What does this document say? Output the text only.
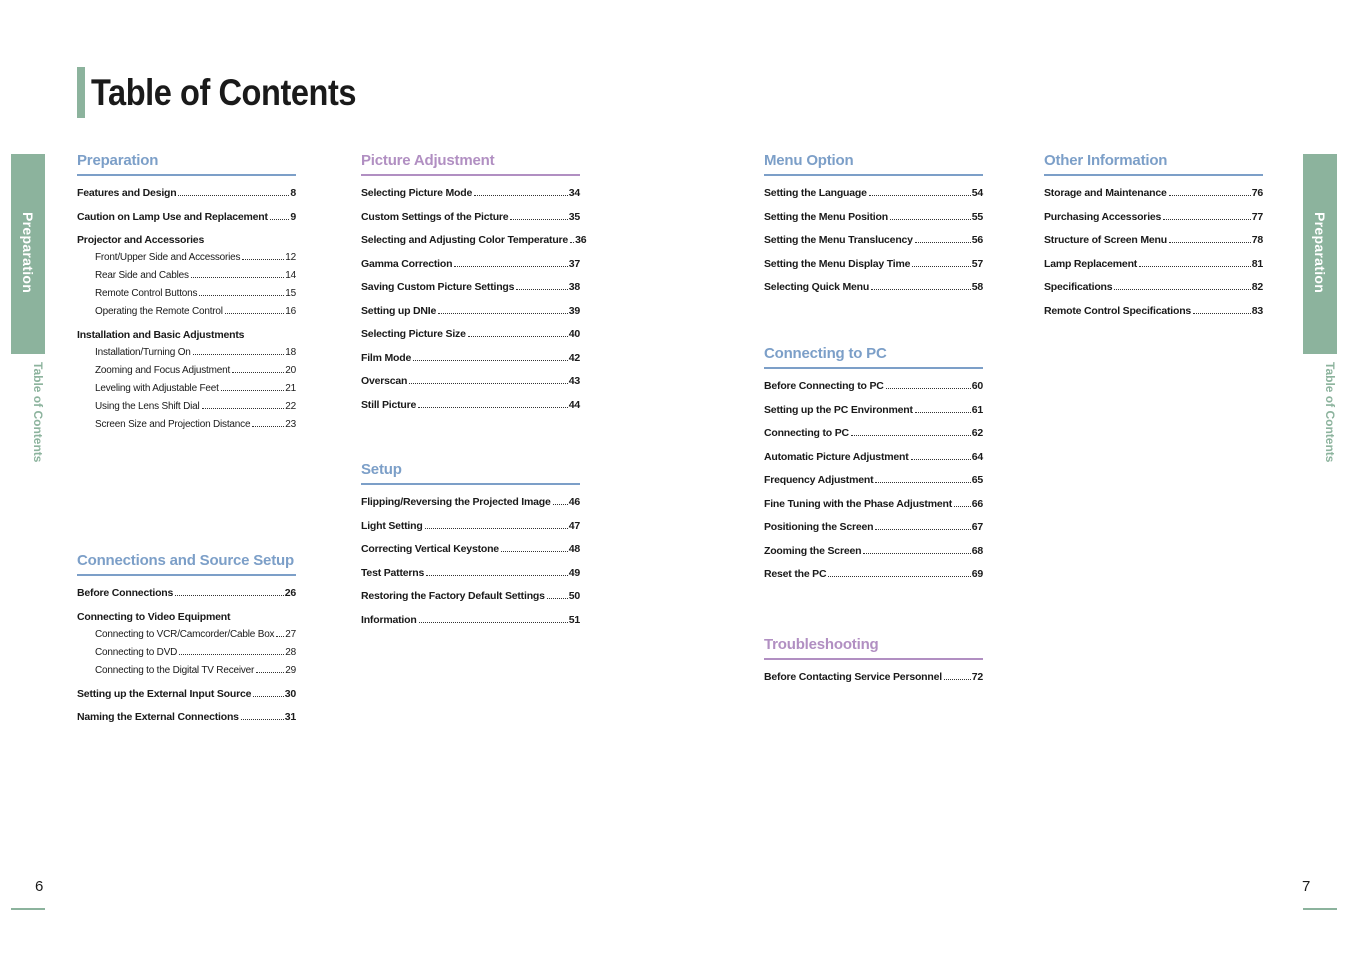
Table of Contents
Preparation
Table of Contents
Preparation
Table of Contents
6	7
Preparation
Features and Design	8
Caution on Lamp Use and Replacement 9
Projector and Accessories
Front/Upper Side and Accessories	12
Rear Side and Cables	14
Remote Control Buttons	15
Operating the Remote Control	16
Installation and Basic Adjustments
Installation/Turning On	18
Zooming and Focus Adjustment	20
Leveling with Adjustable Feet	21
Using the Lens Shift Dial	22
Screen Size and Projection Distance	23
Connections and Source Setup
Before Connections	26
Connecting to Video Equipment
Connecting to VCR/Camcorder/Cable Box 27
Connecting to DVD	28
Connecting to the Digital TV Receiver	29
Setting up the External Input Source	30
Naming the External Connections	31
Picture Adjustment
Selecting Picture Mode	34
Custom Settings of the Picture	35
Selecting and Adjusting Color Temperature 36
Gamma Correction	37
Saving Custom Picture Settings	38
Setting up DNIe	39
Selecting Picture Size	40
Film Mode	42
Overscan	43
Still Picture	44
Setup
Flipping/Reversing the Projected Image 46
Light Setting	47
Correcting Vertical Keystone	48
Test Patterns	49
Restoring the Factory Default Settings 50
Information	51
Menu Option
Setting the Language	54
Setting the Menu Position	55
Setting the Menu Translucency	56
Setting the Menu Display Time	57
Selecting Quick Menu	58
Connecting to PC
Before Connecting to PC	60
Setting up the PC Environment	61
Connecting to PC	62
Automatic Picture Adjustment	64
Frequency Adjustment	65
Fine Tuning with the Phase Adjustment 66
Positioning the Screen	67
Zooming the Screen	68
Reset the PC	69
Troubleshooting
Before Contacting Service Personnel	72
Other Information
Storage and Maintenance	76
Purchasing Accessories	77
Structure of Screen Menu	78
Lamp Replacement	81
Specifications	82
Remote Control Specifications	83
